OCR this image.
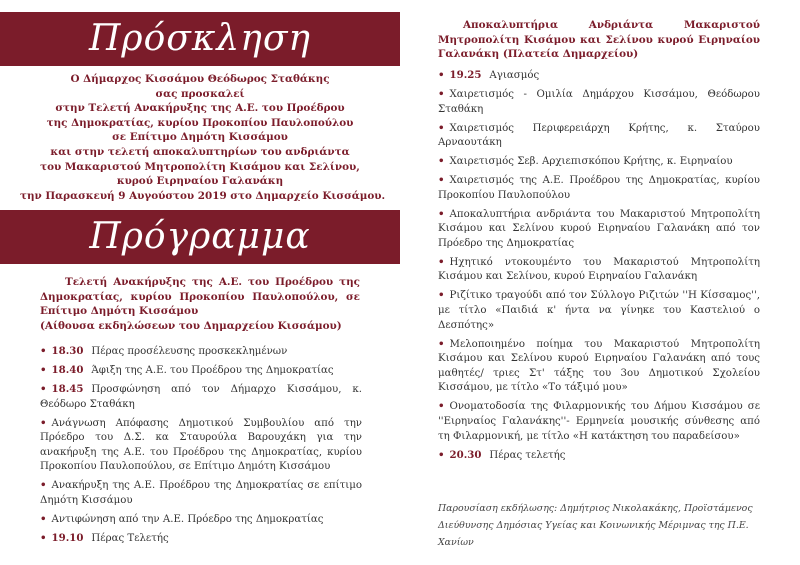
Πρόσκληση
Ο Δήμαρχος Κισσάμου Θεόδωρος Σταθάκης
σας προσκαλεί
στην Τελετή Ανακήρυξης της Α.Ε. του Προέδρου
της Δημοκρατίας, κυρίου Προκοπίου Παυλοπούλου
σε Επίτιμο Δημότη Κισσάμου
και στην τελετή αποκαλυπτηρίων του ανδριάντα
του Μακαριστού Μητροπολίτη Κισάμου και Σελίνου,
κυρού Ειρηναίου Γαλανάκη
την Παρασκευή 9 Αυγούστου 2019 στο Δημαρχείο Κισσάμου.
Πρόγραμμα
Τελετή Ανακήρυξης της Α.Ε. του Προέδρου της Δημοκρατίας, κυρίου Προκοπίου Παυλοπούλου, σε Επίτιμο Δημότη Κισσάμου
(Αίθουσα εκδηλώσεων του Δημαρχείου Κισσάμου)
• 18.30 Πέρας προσέλευσης προσκεκλημένων
• 18.40 Άφιξη της Α.Ε. του Προέδρου της Δημοκρατίας
• 18.45 Προσφώνηση από τον Δήμαρχο Κισσάμου, κ. Θεόδωρο Σταθάκη
• Ανάγνωση Απόφασης Δημοτικού Συμβουλίου από την Πρόεδρο του Δ.Σ. κα Σταυρούλα Βαρουχάκη για την ανακήρυξη της Α.Ε. του Προέδρου της Δημοκρατίας, κυρίου Προκοπίου Παυλοπούλου, σε Επίτιμο Δημότη Κισσάμου
• Ανακήρυξη της Α.Ε. Προέδρου της Δημοκρατίας σε επίτιμο Δημότη Κισσάμου
• Αντιφώνηση από την Α.Ε. Πρόεδρο της Δημοκρατίας
• 19.10 Πέρας Τελετής
Αποκαλυπτήρια Ανδριάντα Μακαριστού Μητροπολίτη Κισάμου και Σελίνου κυρού Ειρηναίου Γαλανάκη (Πλατεία Δημαρχείου)
• 19.25 Αγιασμός
• Χαιρετισμός - Ομιλία Δημάρχου Κισσάμου, Θεόδωρου Σταθάκη
• Χαιρετισμός Περιφερειάρχη Κρήτης, κ. Σταύρου Αρναουτάκη
• Χαιρετισμός Σεβ. Αρχιεπισκόπου Κρήτης, κ. Ειρηναίου
• Χαιρετισμός της Α.Ε. Προέδρου της Δημοκρατίας, κυρίου Προκοπίου Παυλοπούλου
• Αποκαλυπτήρια ανδριάντα του Μακαριστού Μητροπολίτη Κισάμου και Σελίνου κυρού Ειρηναίου Γαλανάκη από τον Πρόεδρο της Δημοκρατίας
• Ηχητικό ντοκουμέντο του Μακαριστού Μητροπολίτη Κισάμου και Σελίνου, κυρού Ειρηναίου Γαλανάκη
• Ριζίτικο τραγούδι από τον Σύλλογο Ριζιτών ''Η Κίσσαμος'', με τίτλο «Παιδιά κ' ήντα να γίνηκε του Καστελιού ο Δεσπότης»
• Μελοποιημένο ποίημα του Μακαριστού Μητροπολίτη Κισάμου και Σελίνου κυρού Ειρηναίου Γαλανάκη από τους μαθητές/ τριες Στ' τάξης του 3ου Δημοτικού Σχολείου Κισσάμου, με τίτλο «Το τάξιμό μου»
• Ονοματοδοσία της Φιλαρμονικής του Δήμου Κισσάμου σε ''Ειρηναίος Γαλανάκης''- Ερμηνεία μουσικής σύνθεσης από τη Φιλαρμονική, με τίτλο «Η κατάκτηση του παραδείσου»
• 20.30 Πέρας τελετής
Παρουσίαση εκδήλωσης: Δημήτριος Νικολακάκης, Προϊστάμενος Διεύθυνσης Δημόσιας Υγείας και Κοινωνικής Μέριμνας της Π.Ε. Χανίων
